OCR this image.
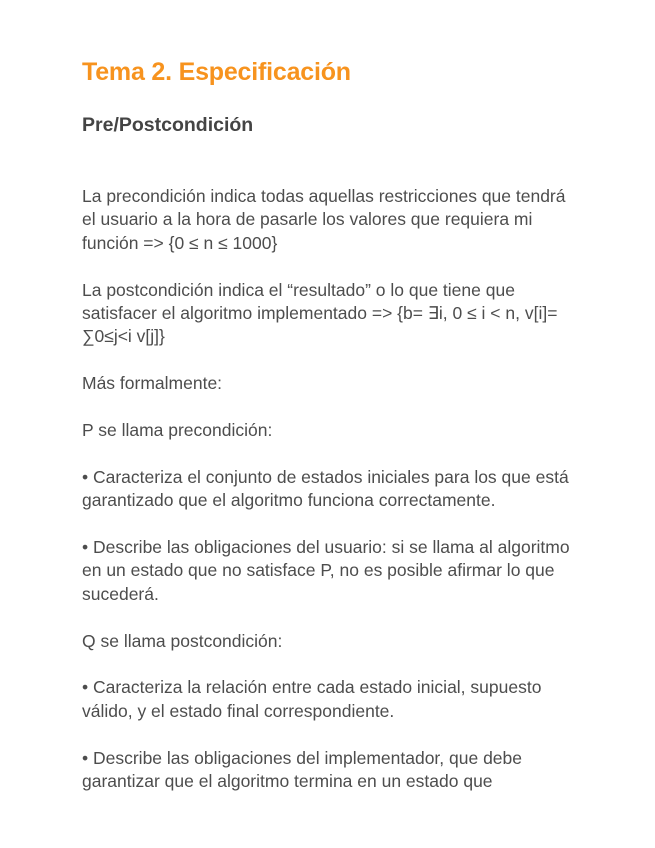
Tema 2. Especificación
Pre/Postcondición

La precondición indica todas aquellas restricciones que tendrá el usuario a la hora de pasarle los valores que requiera mi función => {0 ≤ n ≤ 1000}

La postcondición indica el “resultado” o lo que tiene que satisfacer el algoritmo implementado => {b= ∃i, 0 ≤ i < n, v[i]= ∑0≤j<i v[j]}

Más formalmente:

P se llama precondición:

• Caracteriza el conjunto de estados iniciales para los que está garantizado que el algoritmo funciona correctamente.

• Describe las obligaciones del usuario: si se llama al algoritmo en un estado que no satisface P, no es posible afirmar lo que sucederá.

Q se llama postcondición:

• Caracteriza la relación entre cada estado inicial, supuesto válido, y el estado final correspondiente.

• Describe las obligaciones del implementador, que debe garantizar que el algoritmo termina en un estado que
